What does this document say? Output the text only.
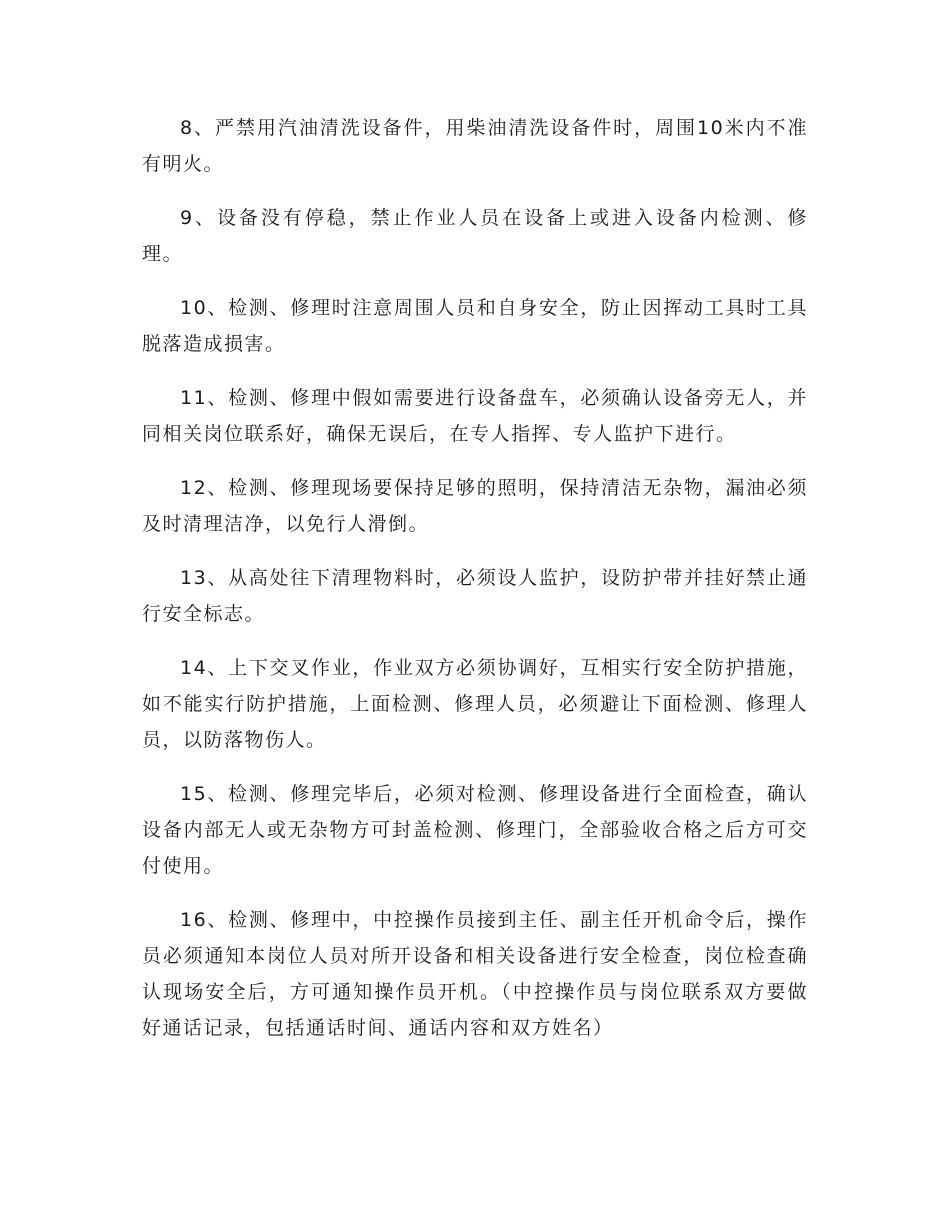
8、严禁用汽油清洗设备件，用柴油清洗设备件时，周围10米内不准有明火。

9、设备没有停稳，禁止作业人员在设备上或进入设备内检测、修理。

10、检测、修理时注意周围人员和自身安全，防止因挥动工具时工具脱落造成损害。

11、检测、修理中假如需要进行设备盘车，必须确认设备旁无人，并同相关岗位联系好，确保无误后，在专人指挥、专人监护下进行。

12、检测、修理现场要保持足够的照明，保持清洁无杂物，漏油必须及时清理洁净，以免行人滑倒。

13、从高处往下清理物料时，必须设人监护，设防护带并挂好禁止通行安全标志。

14、上下交叉作业，作业双方必须协调好，互相实行安全防护措施，如不能实行防护措施，上面检测、修理人员，必须避让下面检测、修理人员，以防落物伤人。

15、检测、修理完毕后，必须对检测、修理设备进行全面检查，确认设备内部无人或无杂物方可封盖检测、修理门，全部验收合格之后方可交付使用。

16、检测、修理中，中控操作员接到主任、副主任开机命令后，操作员必须通知本岗位人员对所开设备和相关设备进行安全检查，岗位检查确认现场安全后，方可通知操作员开机。（中控操作员与岗位联系双方要做好通话记录，包括通话时间、通话内容和双方姓名）
